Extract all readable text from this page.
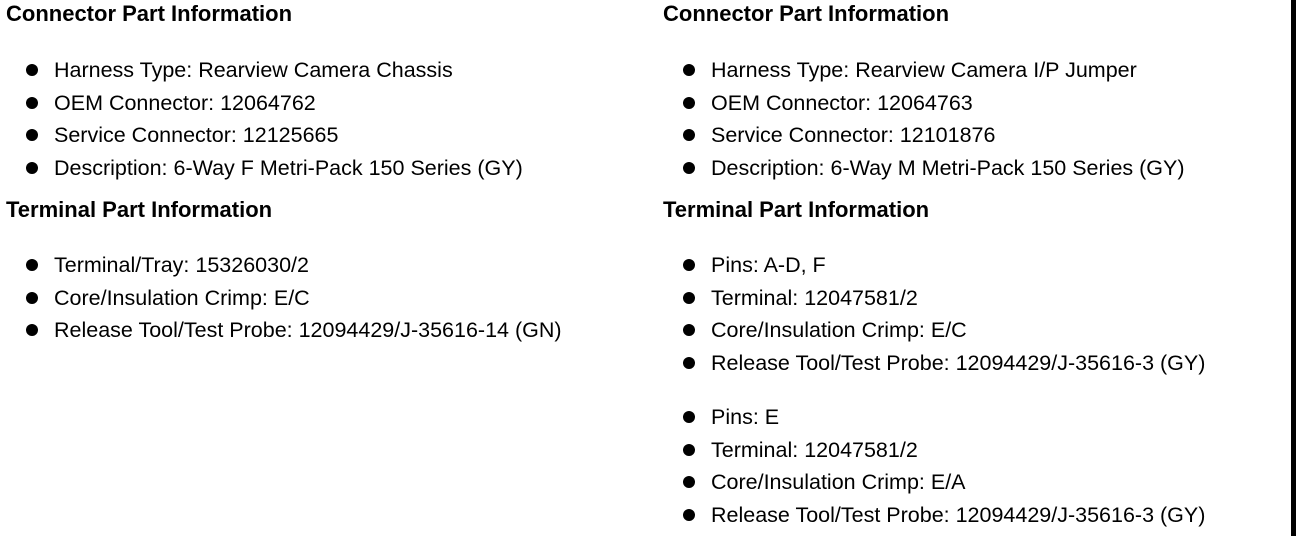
Connector Part Information
Harness Type: Rearview Camera Chassis
OEM Connector: 12064762
Service Connector: 12125665
Description: 6-Way F Metri-Pack 150 Series (GY)
Terminal Part Information
Terminal/Tray: 15326030/2
Core/Insulation Crimp: E/C
Release Tool/Test Probe: 12094429/J-35616-14 (GN)
Connector Part Information
Harness Type: Rearview Camera I/P Jumper
OEM Connector: 12064763
Service Connector: 12101876
Description: 6-Way M Metri-Pack 150 Series (GY)
Terminal Part Information
Pins: A-D, F
Terminal: 12047581/2
Core/Insulation Crimp: E/C
Release Tool/Test Probe: 12094429/J-35616-3 (GY)
Pins: E
Terminal: 12047581/2
Core/Insulation Crimp: E/A
Release Tool/Test Probe: 12094429/J-35616-3 (GY)
